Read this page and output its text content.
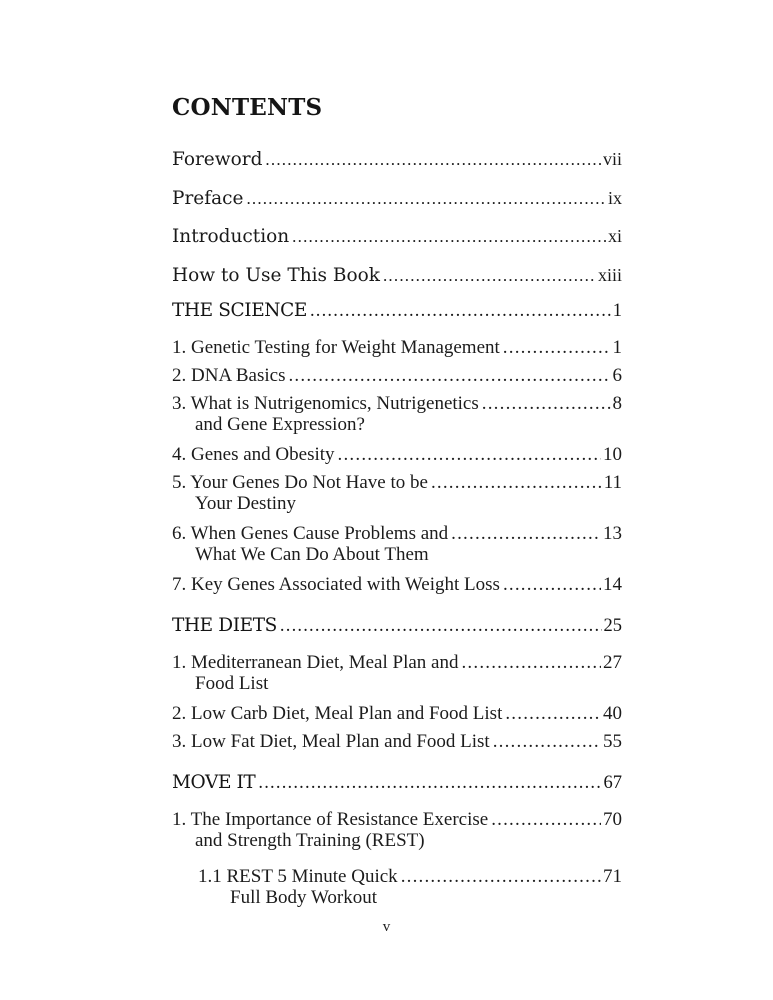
CONTENTS
Foreword .....	vii
Preface .....	ix
Introduction .....	xi
How to Use This Book .....	xiii
THE SCIENCE .....	1
1. Genetic Testing for Weight Management .....	1
2. DNA Basics .....	6
3. What is Nutrigenomics, Nutrigenetics .....	8
and Gene Expression?
4. Genes and Obesity .....	10
5. Your Genes Do Not Have to be .....	11
Your Destiny
6. When Genes Cause Problems and .....	13
What We Can Do About Them
7. Key Genes Associated with Weight Loss .....	14
THE DIETS .....	25
1. Mediterranean Diet, Meal Plan and .....	27
Food List
2. Low Carb Diet, Meal Plan and Food List .....	40
3. Low Fat Diet, Meal Plan and Food List .....	55
MOVE IT .....	67
1. The Importance of Resistance Exercise .....	70
and Strength Training (REST)
1.1 REST 5 Minute Quick .....	71
Full Body Workout
v
